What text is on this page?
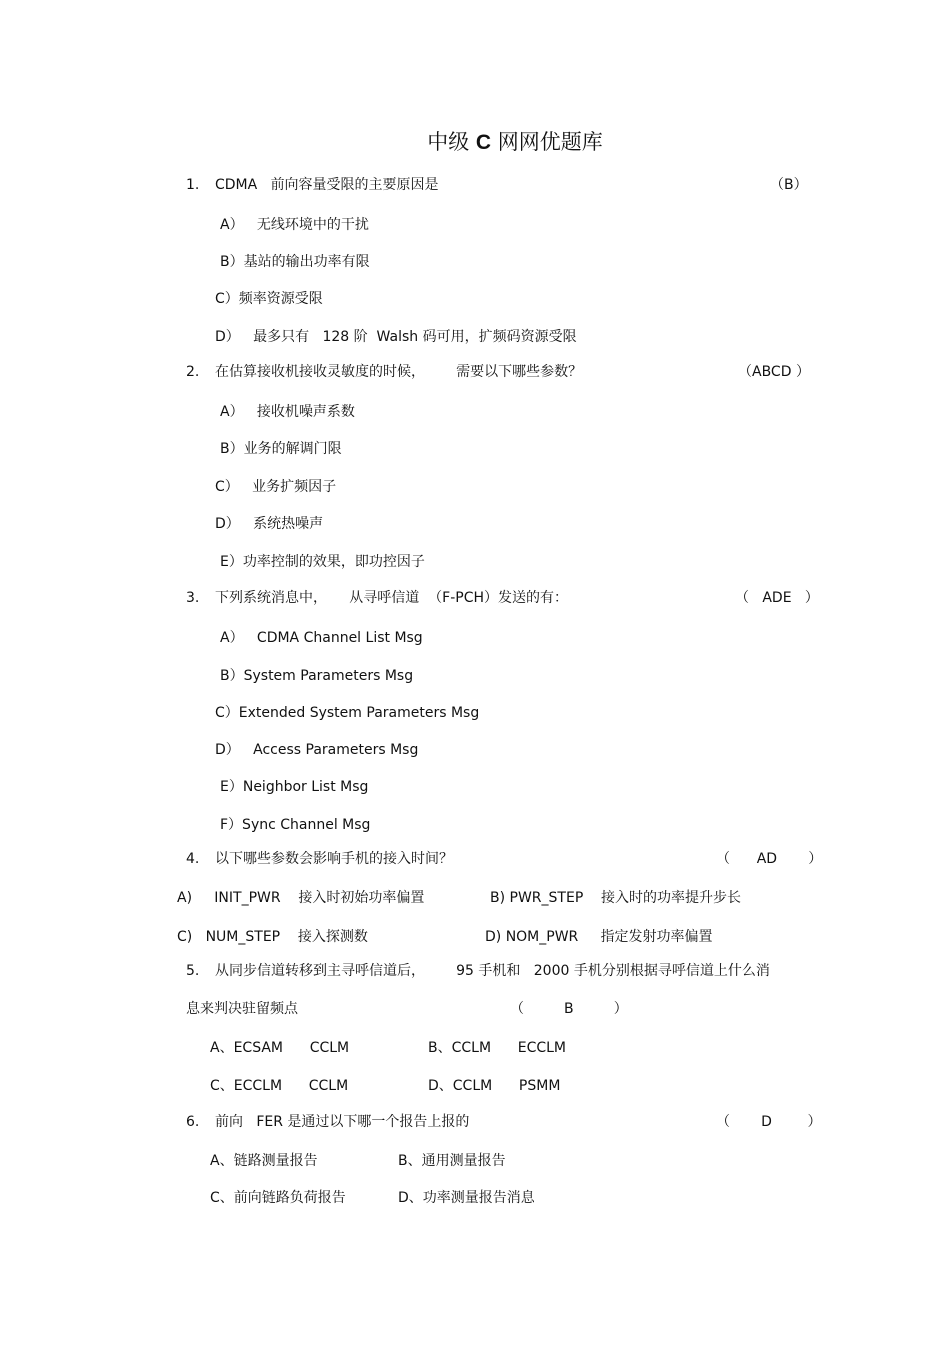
中级 C 网网优题库
1. CDMA   前向容量受限的主要原因是	（B）
A）   无线环境中的干扰
B）基站的输出功率有限
C）频率资源受限
D）   最多只有   128 阶  Walsh 码可用，扩频码资源受限
2. 在估算接收机接收灵敏度的时候，       需要以下哪些参数？	（ABCD ）
A）   接收机噪声系数
B）业务的解调门限
C）   业务扩频因子
D）   系统热噪声
E）功率控制的效果，即功控因子
3. 下列系统消息中，     从寻呼信道  （F-PCH）发送的有：	（   ADE   ）
A）   CDMA Channel List Msg
B）System Parameters Msg
C）Extended System Parameters Msg
D）   Access Parameters Msg
E）Neighbor List Msg
F）Sync Channel Msg
4. 以下哪些参数会影响手机的接入时间？	（      AD       ）
A)     INIT_PWR    接入时初始功率偏置	B) PWR_STEP    接入时的功率提升步长
C)   NUM_STEP    接入探测数	D) NOM_PWR     指定发射功率偏置
5. 从同步信道转移到主寻呼信道后，       95 手机和   2000 手机分别根据寻呼信道上什么消
息来判决驻留频点	（         B         ）
A、ECSAM      CCLM	B、CCLM      ECCLM
C、ECCLM      CCLM	D、CCLM      PSMM
6. 前向   FER 是通过以下哪一个报告上报的	（       D        ）
A、链路测量报告	B、通用测量报告
C、前向链路负荷报告	D、功率测量报告消息
